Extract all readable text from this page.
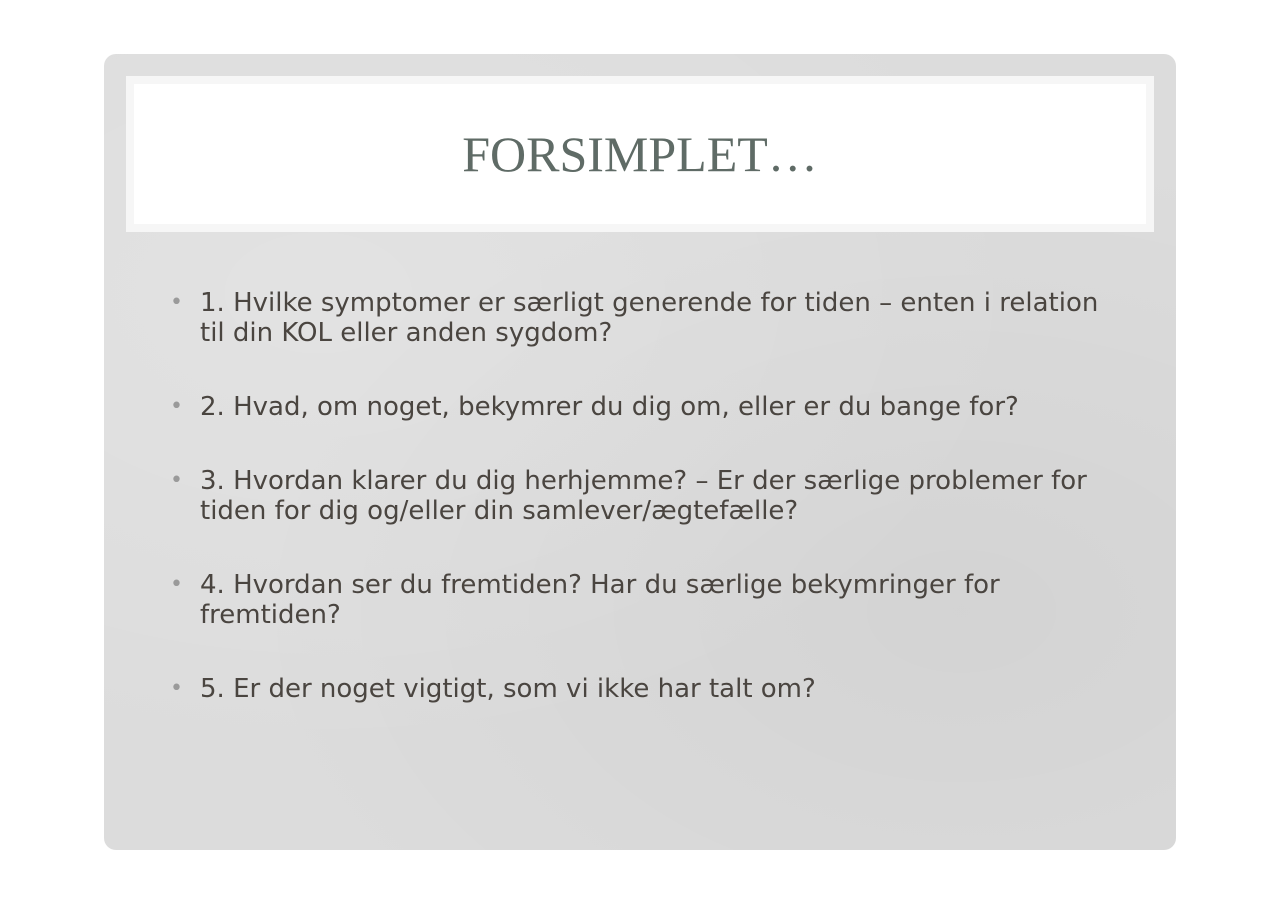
FORSIMPLET…
• 1. Hvilke symptomer er særligt generende for tiden – enten i relation til din KOL eller anden sygdom?
• 2. Hvad, om noget, bekymrer du dig om, eller er du bange for?
• 3. Hvordan klarer du dig herhjemme? – Er der særlige problemer for tiden for dig og/eller din samlever/ægtefælle?
• 4. Hvordan ser du fremtiden? Har du særlige bekymringer for fremtiden?
• 5. Er der noget vigtigt, som vi ikke har talt om?
